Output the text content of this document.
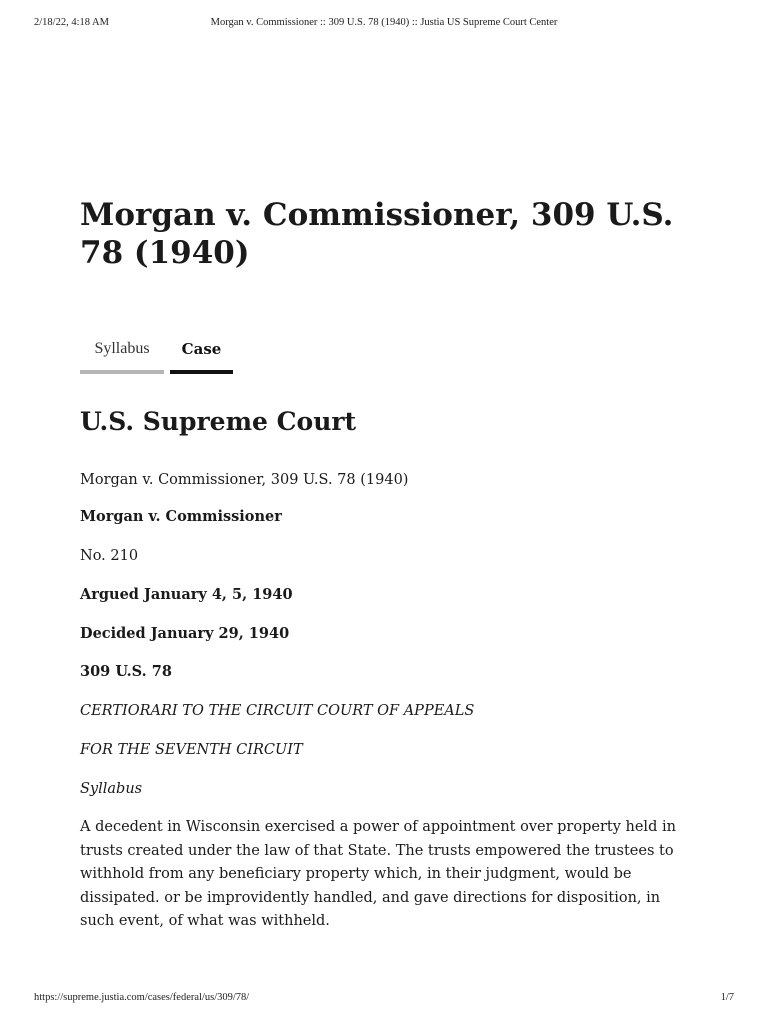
2/18/22, 4:18 AM	Morgan v. Commissioner :: 309 U.S. 78 (1940) :: Justia US Supreme Court Center
Morgan v. Commissioner, 309 U.S. 78 (1940)
Syllabus	Case
U.S. Supreme Court

Morgan v. Commissioner, 309 U.S. 78 (1940)

Morgan v. Commissioner

No. 210

Argued January 4, 5, 1940

Decided January 29, 1940

309 U.S. 78

CERTIORARI TO THE CIRCUIT COURT OF APPEALS

FOR THE SEVENTH CIRCUIT

Syllabus

A decedent in Wisconsin exercised a power of appointment over property held in trusts created under the law of that State. The trusts empowered the trustees to withhold from any beneficiary property which, in their judgment, would be dissipated. or be improvidently handled, and gave directions for disposition, in such event, of what was withheld.

https://supreme.justia.com/cases/federal/us/309/78/	1/7
